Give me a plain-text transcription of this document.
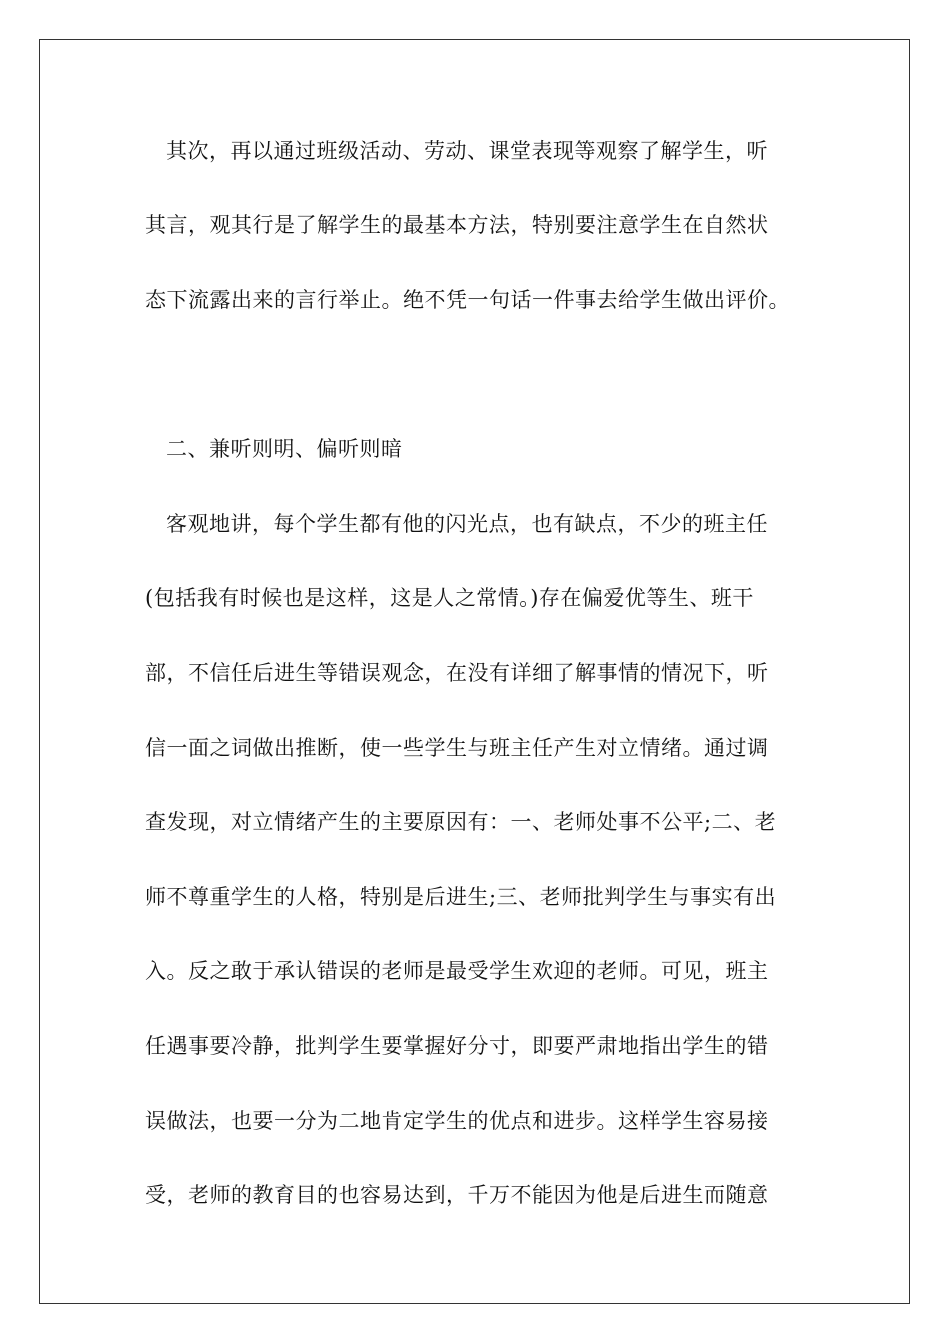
其次，再以通过班级活动、劳动、课堂表现等观察了解学生，听
其言，观其行是了解学生的最基本方法，特别要注意学生在自然状
态下流露出来的言行举止。绝不凭一句话一件事去给学生做出评价。
二、兼听则明、偏听则暗
客观地讲，每个学生都有他的闪光点，也有缺点，不少的班主任
(包括我有时候也是这样，这是人之常情。)存在偏爱优等生、班干
部，不信任后进生等错误观念，在没有详细了解事情的情况下，听
信一面之词做出推断，使一些学生与班主任产生对立情绪。通过调
查发现，对立情绪产生的主要原因有：一、老师处事不公平;二、老
师不尊重学生的人格，特别是后进生;三、老师批判学生与事实有出
入。反之敢于承认错误的老师是最受学生欢迎的老师。可见，班主
任遇事要冷静，批判学生要掌握好分寸，即要严肃地指出学生的错
误做法，也要一分为二地肯定学生的优点和进步。这样学生容易接
受，老师的教育目的也容易达到，千万不能因为他是后进生而随意
